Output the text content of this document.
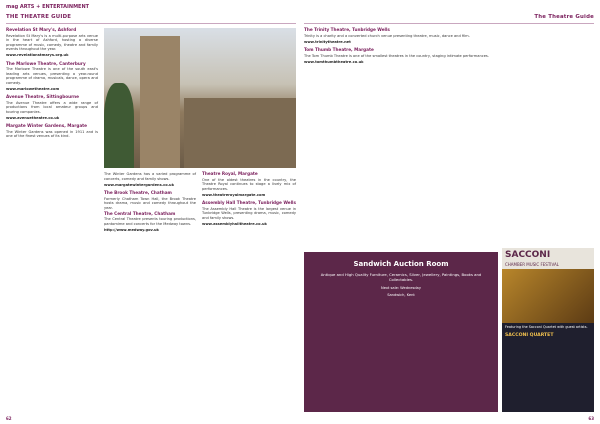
mag ARTS + ENTERTAINMENT
THE THEATRE GUIDE	The Theatre Guide
Revelation St Mary's, Ashford

Revelation St Mary's is a multi-purpose arts venue in the heart of Ashford, hosting a diverse programme of music, comedy, theatre and family events throughout the year.

www.revelationstmarys.org.uk

The Marlowe Theatre, Canterbury

The Marlowe Theatre is one of the south east's leading arts venues, presenting a year-round programme of drama, musicals, dance, opera and comedy.

www.marlowetheatre.com

Avenue Theatre, Sittingbourne

The Avenue Theatre offers a wide range of productions from local amateur groups and touring companies.

www.avenuetheatre.co.uk

Margate Winter Gardens, Margate

The Winter Gardens was opened in 1911 and is one of the finest venues of its kind.

The Winter Gardens has a varied programme of concerts, comedy and family shows.

www.margatewintergardens.co.uk

The Brook Theatre, Chatham

Formerly Chatham Town Hall, the Brook Theatre hosts drama, music and comedy throughout the year.

The Central Theatre, Chatham

The Central Theatre presents touring productions, pantomime and concerts for the Medway towns.

http://www.medway.gov.uk

Theatre Royal, Margate

One of the oldest theatres in the country, the Theatre Royal continues to stage a lively mix of performances.

www.theatreroyalmargate.com

Assembly Hall Theatre, Tunbridge Wells

The Assembly Hall Theatre is the largest venue in Tunbridge Wells, presenting drama, music, comedy and family shows.

www.assemblyhalltheatre.co.uk

The Trinity Theatre, Tunbridge Wells

Trinity is a charity and a converted church venue presenting theatre, music, dance and film.

www.trinitytheatre.net

Tom Thumb Theatre, Margate

The Tom Thumb Theatre is one of the smallest theatres in the country, staging intimate performances.

www.tomthumbtheatre.co.uk

Sandwich Auction Room
Antique and High Quality Furniture, Ceramics, Silver, Jewellery, Paintings, Books and Collectables.
Next sale: Wednesday
Sandwich, Kent
SACCONI
CHAMBER MUSIC FESTIVAL
Featuring the Sacconi Quartet with guest artists.
SACCONI QUARTET
62	63
